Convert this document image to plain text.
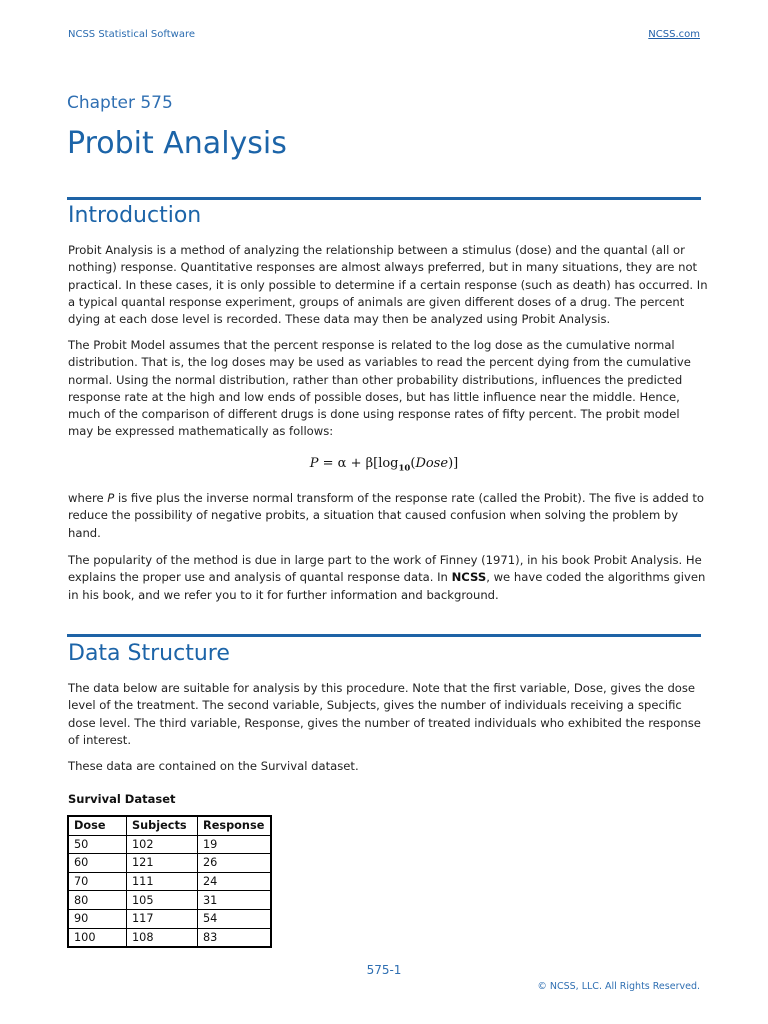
NCSS Statistical Software	NCSS.com
Chapter 575
Probit Analysis
Introduction
Probit Analysis is a method of analyzing the relationship between a stimulus (dose) and the quantal (all or nothing) response. Quantitative responses are almost always preferred, but in many situations, they are not practical. In these cases, it is only possible to determine if a certain response (such as death) has occurred. In a typical quantal response experiment, groups of animals are given different doses of a drug. The percent dying at each dose level is recorded. These data may then be analyzed using Probit Analysis.
The Probit Model assumes that the percent response is related to the log dose as the cumulative normal distribution. That is, the log doses may be used as variables to read the percent dying from the cumulative normal. Using the normal distribution, rather than other probability distributions, influences the predicted response rate at the high and low ends of possible doses, but has little influence near the middle. Hence, much of the comparison of different drugs is done using response rates of fifty percent. The probit model may be expressed mathematically as follows:
$P = \alpha + \beta[\log_{10}(Dose)]$
where P is five plus the inverse normal transform of the response rate (called the Probit). The five is added to reduce the possibility of negative probits, a situation that caused confusion when solving the problem by hand.
The popularity of the method is due in large part to the work of Finney (1971), in his book Probit Analysis. He explains the proper use and analysis of quantal response data. In NCSS, we have coded the algorithms given in his book, and we refer you to it for further information and background.
Data Structure
The data below are suitable for analysis by this procedure. Note that the first variable, Dose, gives the dose level of the treatment. The second variable, Subjects, gives the number of individuals receiving a specific dose level. The third variable, Response, gives the number of treated individuals who exhibited the response of interest.
These data are contained on the Survival dataset.
Survival Dataset
Dose	Subjects	Response
50	102	19
60	121	26
70	111	24
80	105	31
90	117	54
100	108	83
575-1
© NCSS, LLC. All Rights Reserved.
